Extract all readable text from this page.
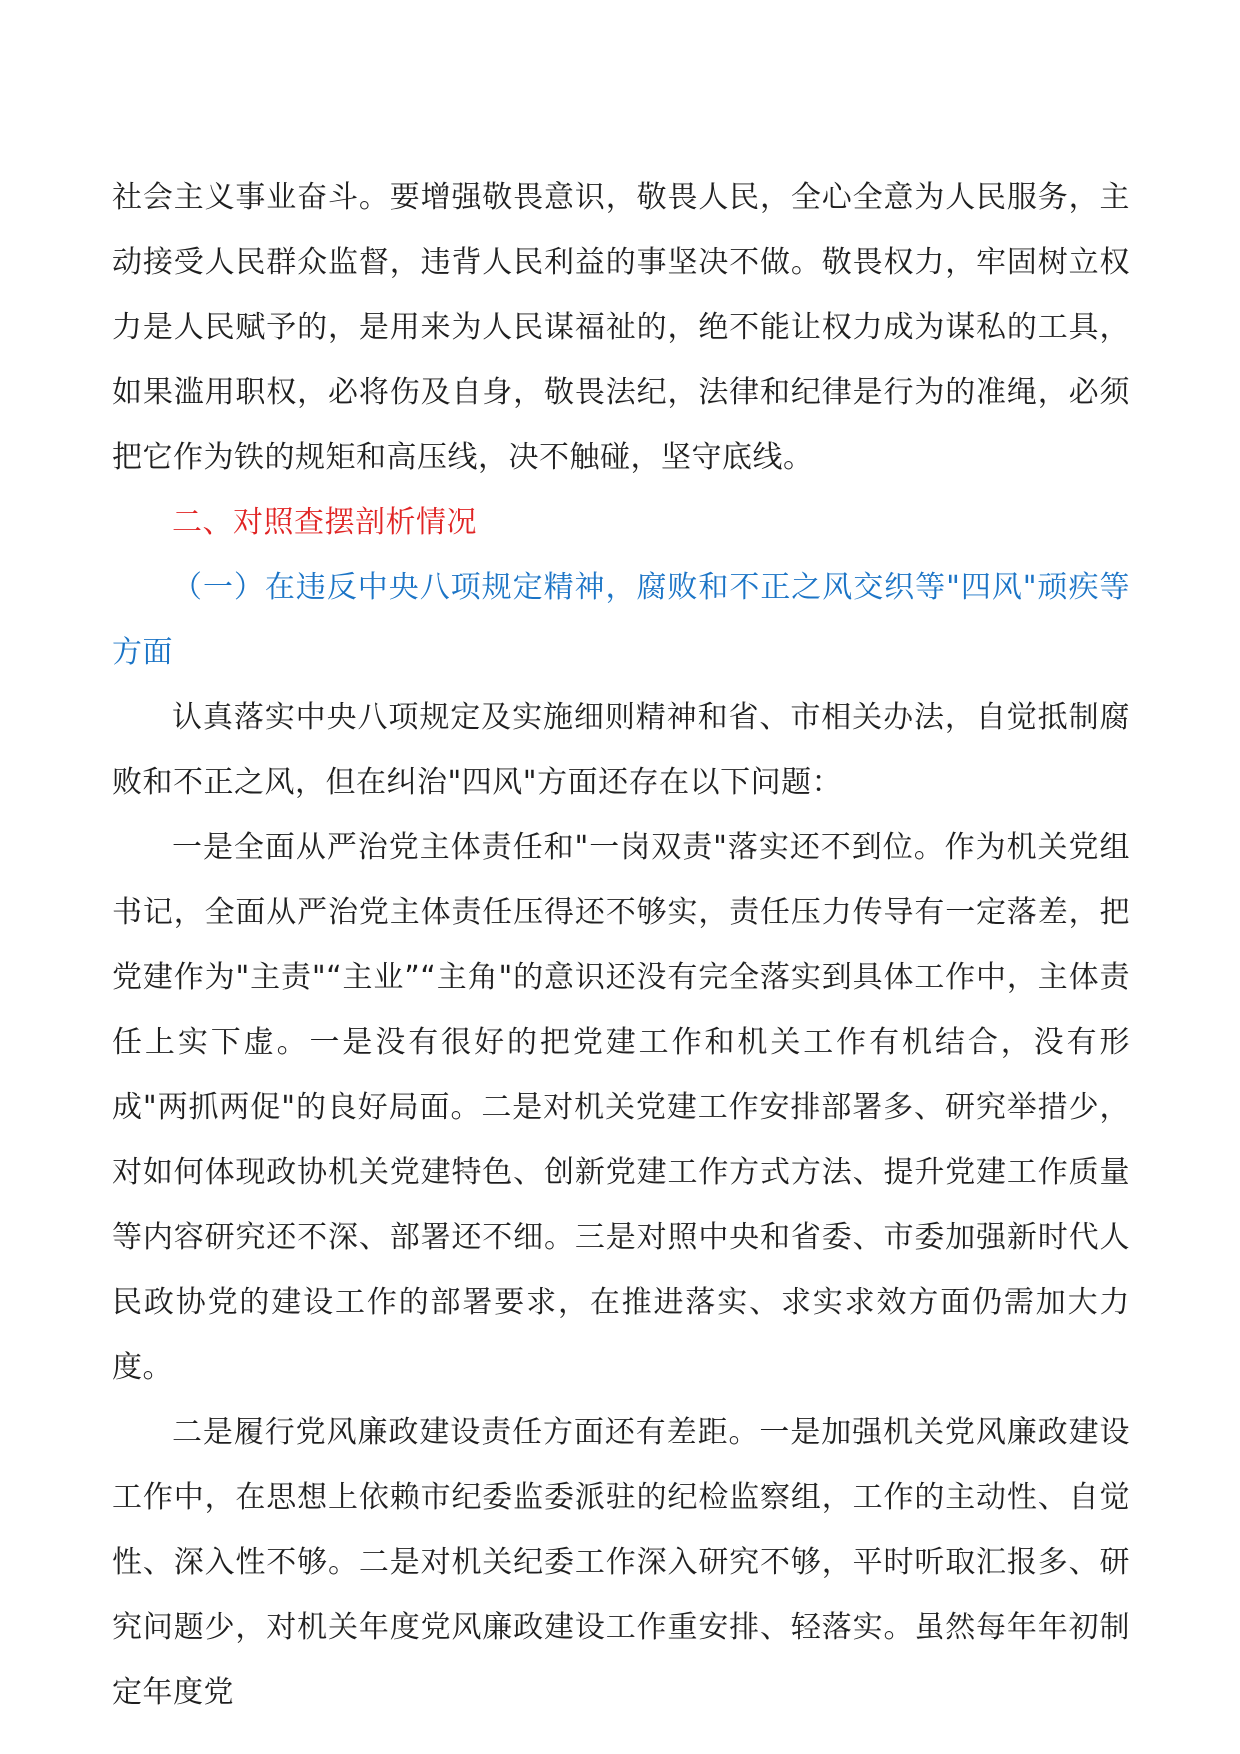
社会主义事业奋斗。要增强敬畏意识，敬畏人民，全心全意为人民服务，主动接受人民群众监督，违背人民利益的事坚决不做。敬畏权力，牢固树立权力是人民赋予的，是用来为人民谋福祉的，绝不能让权力成为谋私的工具，如果滥用职权，必将伤及自身，敬畏法纪，法律和纪律是行为的准绳，必须把它作为铁的规矩和高压线，决不触碰，坚守底线。

二、对照查摆剖析情况

（一）在违反中央八项规定精神，腐败和不正之风交织等"四风"顽疾等方面

认真落实中央八项规定及实施细则精神和省、市相关办法，自觉抵制腐败和不正之风，但在纠治"四风"方面还存在以下问题：

一是全面从严治党主体责任和"一岗双责"落实还不到位。作为机关党组书记，全面从严治党主体责任压得还不够实，责任压力传导有一定落差，把党建作为"主责"“主业”“主角"的意识还没有完全落实到具体工作中，主体责任上实下虚。一是没有很好的把党建工作和机关工作有机结合，没有形成"两抓两促"的良好局面。二是对机关党建工作安排部署多、研究举措少，对如何体现政协机关党建特色、创新党建工作方式方法、提升党建工作质量等内容研究还不深、部署还不细。三是对照中央和省委、市委加强新时代人民政协党的建设工作的部署要求，在推进落实、求实求效方面仍需加大力度。

二是履行党风廉政建设责任方面还有差距。一是加强机关党风廉政建设工作中，在思想上依赖市纪委监委派驻的纪检监察组，工作的主动性、自觉性、深入性不够。二是对机关纪委工作深入研究不够，平时听取汇报多、研究问题少，对机关年度党风廉政建设工作重安排、轻落实。虽然每年年初制定年度党
